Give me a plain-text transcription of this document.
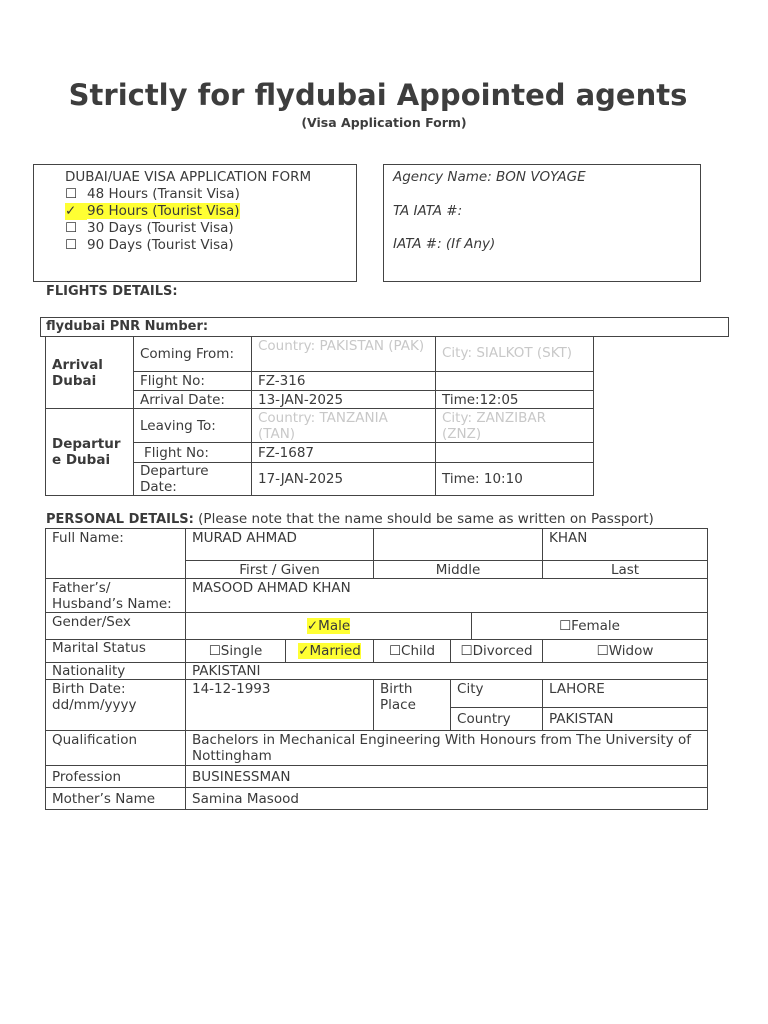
Strictly for flydubai Appointed agents
(Visa Application Form)
DUBAI/UAE VISA APPLICATION FORM
☐ 48 Hours (Transit Visa)
✓ 96 Hours (Tourist Visa)
☐ 30 Days (Tourist Visa)
☐ 90 Days (Tourist Visa)
Agency Name: BON VOYAGE
TA IATA #:
IATA #: (If Any)
FLIGHTS DETAILS:
flydubai PNR Number:
Arrival Dubai	Coming From:	Country: PAKISTAN (PAK)	City: SIALKOT (SKT)
	Flight No:	FZ-316	
	Arrival Date:	13-JAN-2025	Time:12:05
Departure Dubai	Leaving To:	Country: TANZANIA (TAN)	City: ZANZIBAR (ZNZ)
	Flight No:	FZ-1687	
	Departure Date:	17-JAN-2025	Time: 10:10
PERSONAL DETAILS: (Please note that the name should be same as written on Passport)
Full Name:	MURAD AHMAD					KHAN
	First / Given		Middle			Last
Father’s/ Husband’s Name:	MASOOD AHMAD KHAN					
Gender/Sex	✓Male				☐Female	
Marital Status	☐Single	✓Married	☐Child	☐Divorced		☐Widow
Nationality	PAKISTANI					
Birth Date: dd/mm/yyyy	14-12-1993		Birth Place	City		LAHORE
				Country		PAKISTAN
Qualification	Bachelors in Mechanical Engineering With Honours from The University of Nottingham					
Profession	BUSINESSMAN					
Mother’s Name	Samina Masood					
